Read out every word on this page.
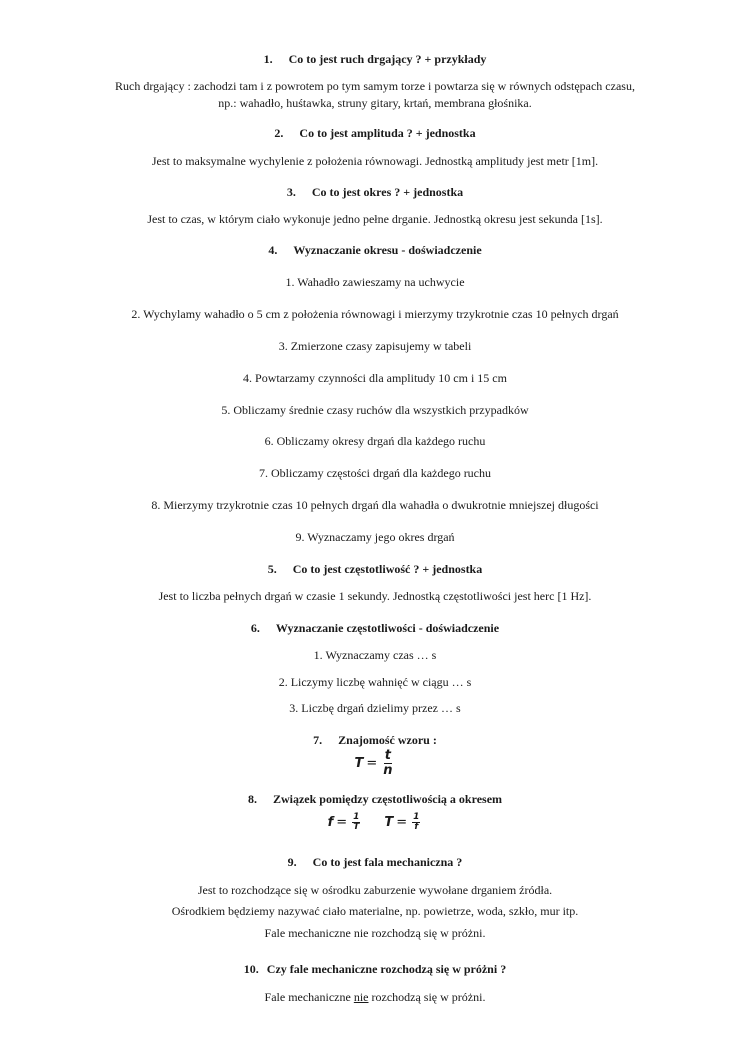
1. Co to jest ruch drgający ? + przykłady
Ruch drgający : zachodzi tam i z powrotem po tym samym torze i powtarza się w równych odstępach czasu,
np.: wahadło, huśtawka, struny gitary, krtań, membrana głośnika.
2. Co to jest amplituda ? + jednostka
Jest to maksymalne wychylenie z położenia równowagi. Jednostką amplitudy jest metr [1m].
3. Co to jest okres ? + jednostka
Jest to czas, w którym ciało wykonuje jedno pełne drganie. Jednostką okresu jest sekunda [1s].
4. Wyznaczanie okresu - doświadczenie
1. Wahadło zawieszamy na uchwycie
2. Wychylamy wahadło o 5 cm z położenia równowagi i mierzymy trzykrotnie czas 10 pełnych drgań
3. Zmierzone czasy zapisujemy w tabeli
4. Powtarzamy czynności dla amplitudy 10 cm i 15 cm
5. Obliczamy średnie czasy ruchów dla wszystkich przypadków
6. Obliczamy okresy drgań dla każdego ruchu
7. Obliczamy częstości drgań dla każdego ruchu
8. Mierzymy trzykrotnie czas 10 pełnych drgań dla wahadła o dwukrotnie mniejszej długości
9. Wyznaczamy jego okres drgań
5. Co to jest częstotliwość ? + jednostka
Jest to liczba pełnych drgań w czasie 1 sekundy. Jednostką częstotliwości jest herc [1 Hz].
6. Wyznaczanie częstotliwości - doświadczenie
1. Wyznaczamy czas … s
2. Liczymy liczbę wahnięć w ciągu … s
3. Liczbę drgań dzielimy przez … s
7. Znajomość wzoru :
$T = \frac{t}{n}$
8. Związek pomiędzy częstotliwością a okresem
$f = \frac{1}{T}$ $T = \frac{1}{f}$
9. Co to jest fala mechaniczna ?
Jest to rozchodzące się w ośrodku zaburzenie wywołane drganiem źródła.
Ośrodkiem będziemy nazywać ciało materialne, np. powietrze, woda, szkło, mur itp.
Fale mechaniczne nie rozchodzą się w próżni.
10. Czy fale mechaniczne rozchodzą się w próżni ?
Fale mechaniczne nie rozchodzą się w próżni.
